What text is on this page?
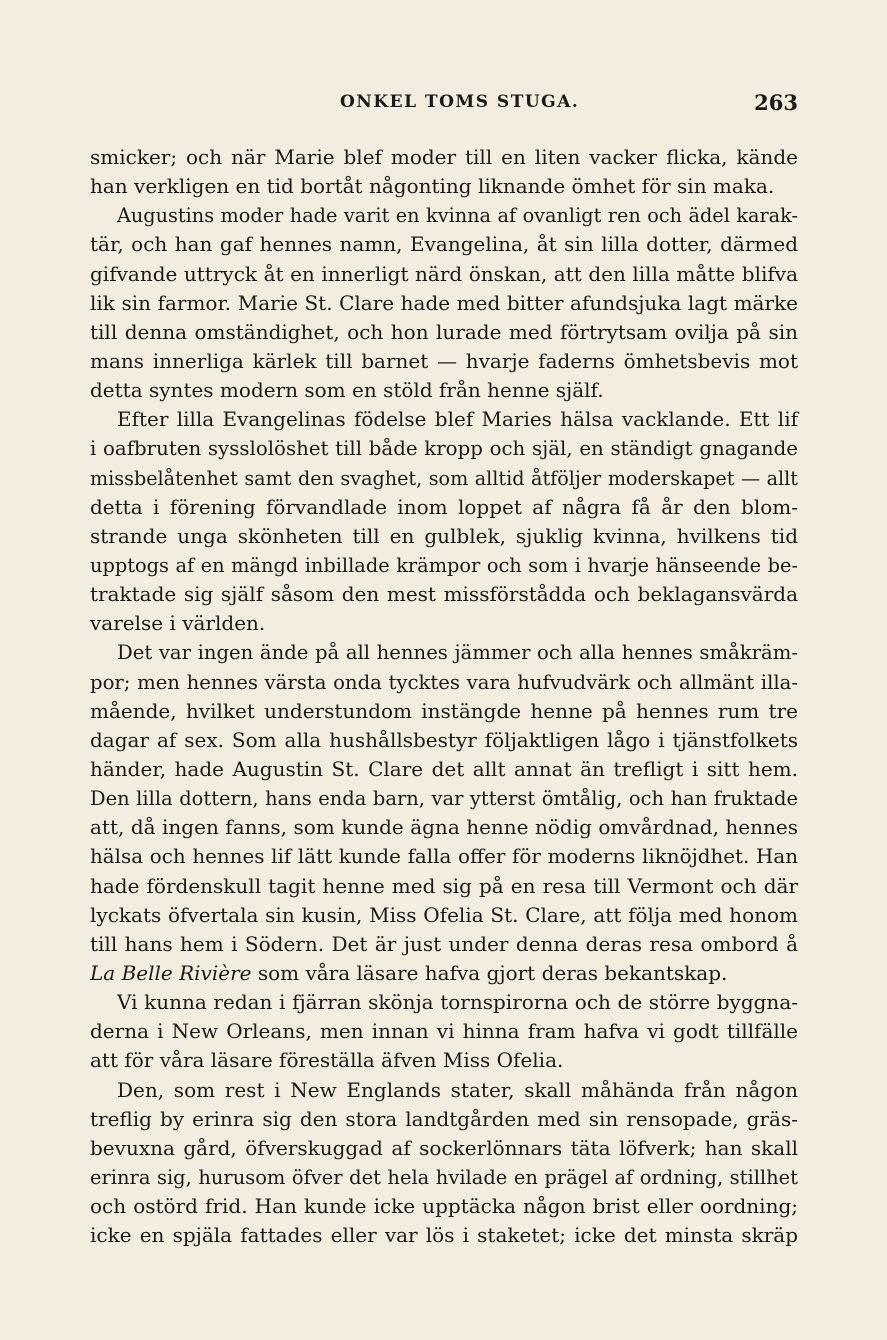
ONKEL TOMS STUGA.	263
smicker; och när Marie blef moder till en liten vacker flicka, kände
han verkligen en tid bortåt någonting liknande ömhet för sin maka.
Augustins moder hade varit en kvinna af ovanligt ren och ädel karak-
tär, och han gaf hennes namn, Evangelina, åt sin lilla dotter, därmed
gifvande uttryck åt en innerligt närd önskan, att den lilla måtte blifva
lik sin farmor. Marie St. Clare hade med bitter afundsjuka lagt märke
till denna omständighet, och hon lurade med förtrytsam ovilja på sin
mans innerliga kärlek till barnet — hvarje faderns ömhetsbevis mot
detta syntes modern som en stöld från henne själf.
Efter lilla Evangelinas födelse blef Maries hälsa vacklande. Ett lif
i oafbruten sysslolöshet till både kropp och själ, en ständigt gnagande
missbelåtenhet samt den svaghet, som alltid åtföljer moderskapet — allt
detta i förening förvandlade inom loppet af några få år den blom-
strande unga skönheten till en gulblek, sjuklig kvinna, hvilkens tid
upptogs af en mängd inbillade krämpor och som i hvarje hänseende be-
traktade sig själf såsom den mest missförstådda och beklagansvärda
varelse i världen.
Det var ingen ände på all hennes jämmer och alla hennes småkräm-
por; men hennes värsta onda tycktes vara hufvudvärk och allmänt illa-
mående, hvilket understundom instängde henne på hennes rum tre
dagar af sex. Som alla hushållsbestyr följaktligen lågo i tjänstfolkets
händer, hade Augustin St. Clare det allt annat än trefligt i sitt hem.
Den lilla dottern, hans enda barn, var ytterst ömtålig, och han fruktade
att, då ingen fanns, som kunde ägna henne nödig omvårdnad, hennes
hälsa och hennes lif lätt kunde falla offer för moderns liknöjdhet. Han
hade fördenskull tagit henne med sig på en resa till Vermont och där
lyckats öfvertala sin kusin, Miss Ofelia St. Clare, att följa med honom
till hans hem i Södern. Det är just under denna deras resa ombord å
La Belle Rivière som våra läsare hafva gjort deras bekantskap.
Vi kunna redan i fjärran skönja tornspirorna och de större byggna-
derna i New Orleans, men innan vi hinna fram hafva vi godt tillfälle
att för våra läsare föreställa äfven Miss Ofelia.
Den, som rest i New Englands stater, skall måhända från någon
treflig by erinra sig den stora landtgården med sin rensopade, gräs-
bevuxna gård, öfverskuggad af sockerlönnars täta löfverk; han skall
erinra sig, hurusom öfver det hela hvilade en prägel af ordning, stillhet
och ostörd frid. Han kunde icke upptäcka någon brist eller oordning;
icke en spjäla fattades eller var lös i staketet; icke det minsta skräp
